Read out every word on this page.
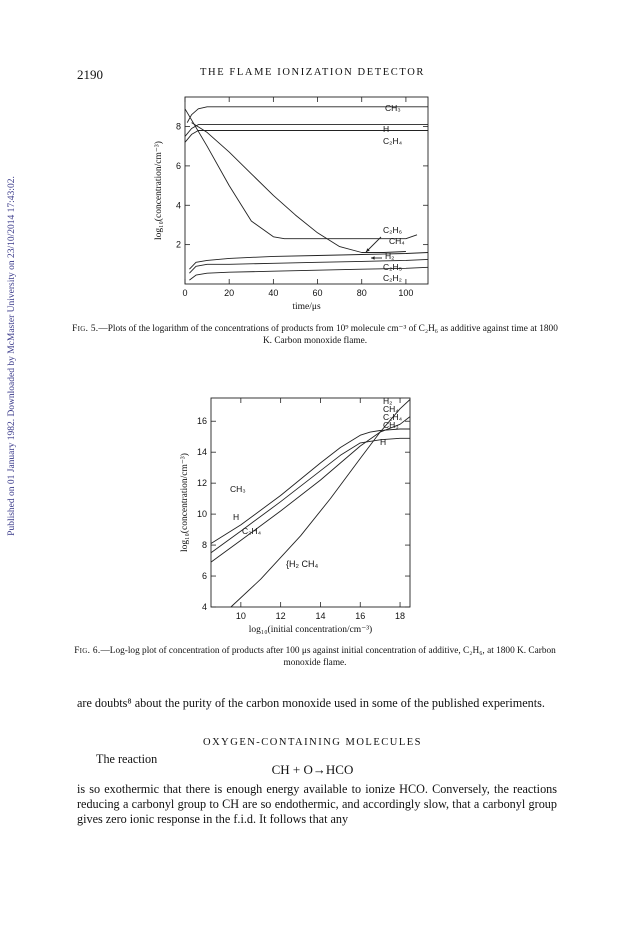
2190	THE FLAME IONIZATION DETECTOR
Published on 01 January 1982. Downloaded by McMaster University on 23/10/2014 17:43:02.	0	20	40	60	80	100
2
4
6
8
time/μs
log₁₀(concentration/cm⁻³)
CH₃
H
C₂H₄
C₂H₆
CH₄
H₂
C₂H₅
C₂H₂
10	12	14	16	18
4
6
8
10
12
14
16
log₁₀(initial concentration/cm⁻³)
log₁₀(concentration/cm⁻³)	CH₃
H
C₂H₄
H₂
CH₄
C₂H₄
CH₃
H
{H₂ CH₄
Fig. 5.—Plots of the logarithm of the concentrations of products from 10⁹ molecule cm⁻³ of C₂H₆ as additive against time at 1800 K. Carbon monoxide flame.
Fig. 6.—Log-log plot of concentration of products after 100 μs against initial concentration of additive, C₂H₆, at 1800 K. Carbon monoxide flame.
are doubts⁸ about the purity of the carbon monoxide used in some of the published experiments.
OXYGEN-CONTAINING MOLECULES
The reaction
CH + O→HCO
is so exothermic that there is enough energy available to ionize HCO. Conversely, the reactions reducing a carbonyl group to CH are so endothermic, and accordingly slow, that a carbonyl group gives zero ionic response in the f.i.d. It follows that any
